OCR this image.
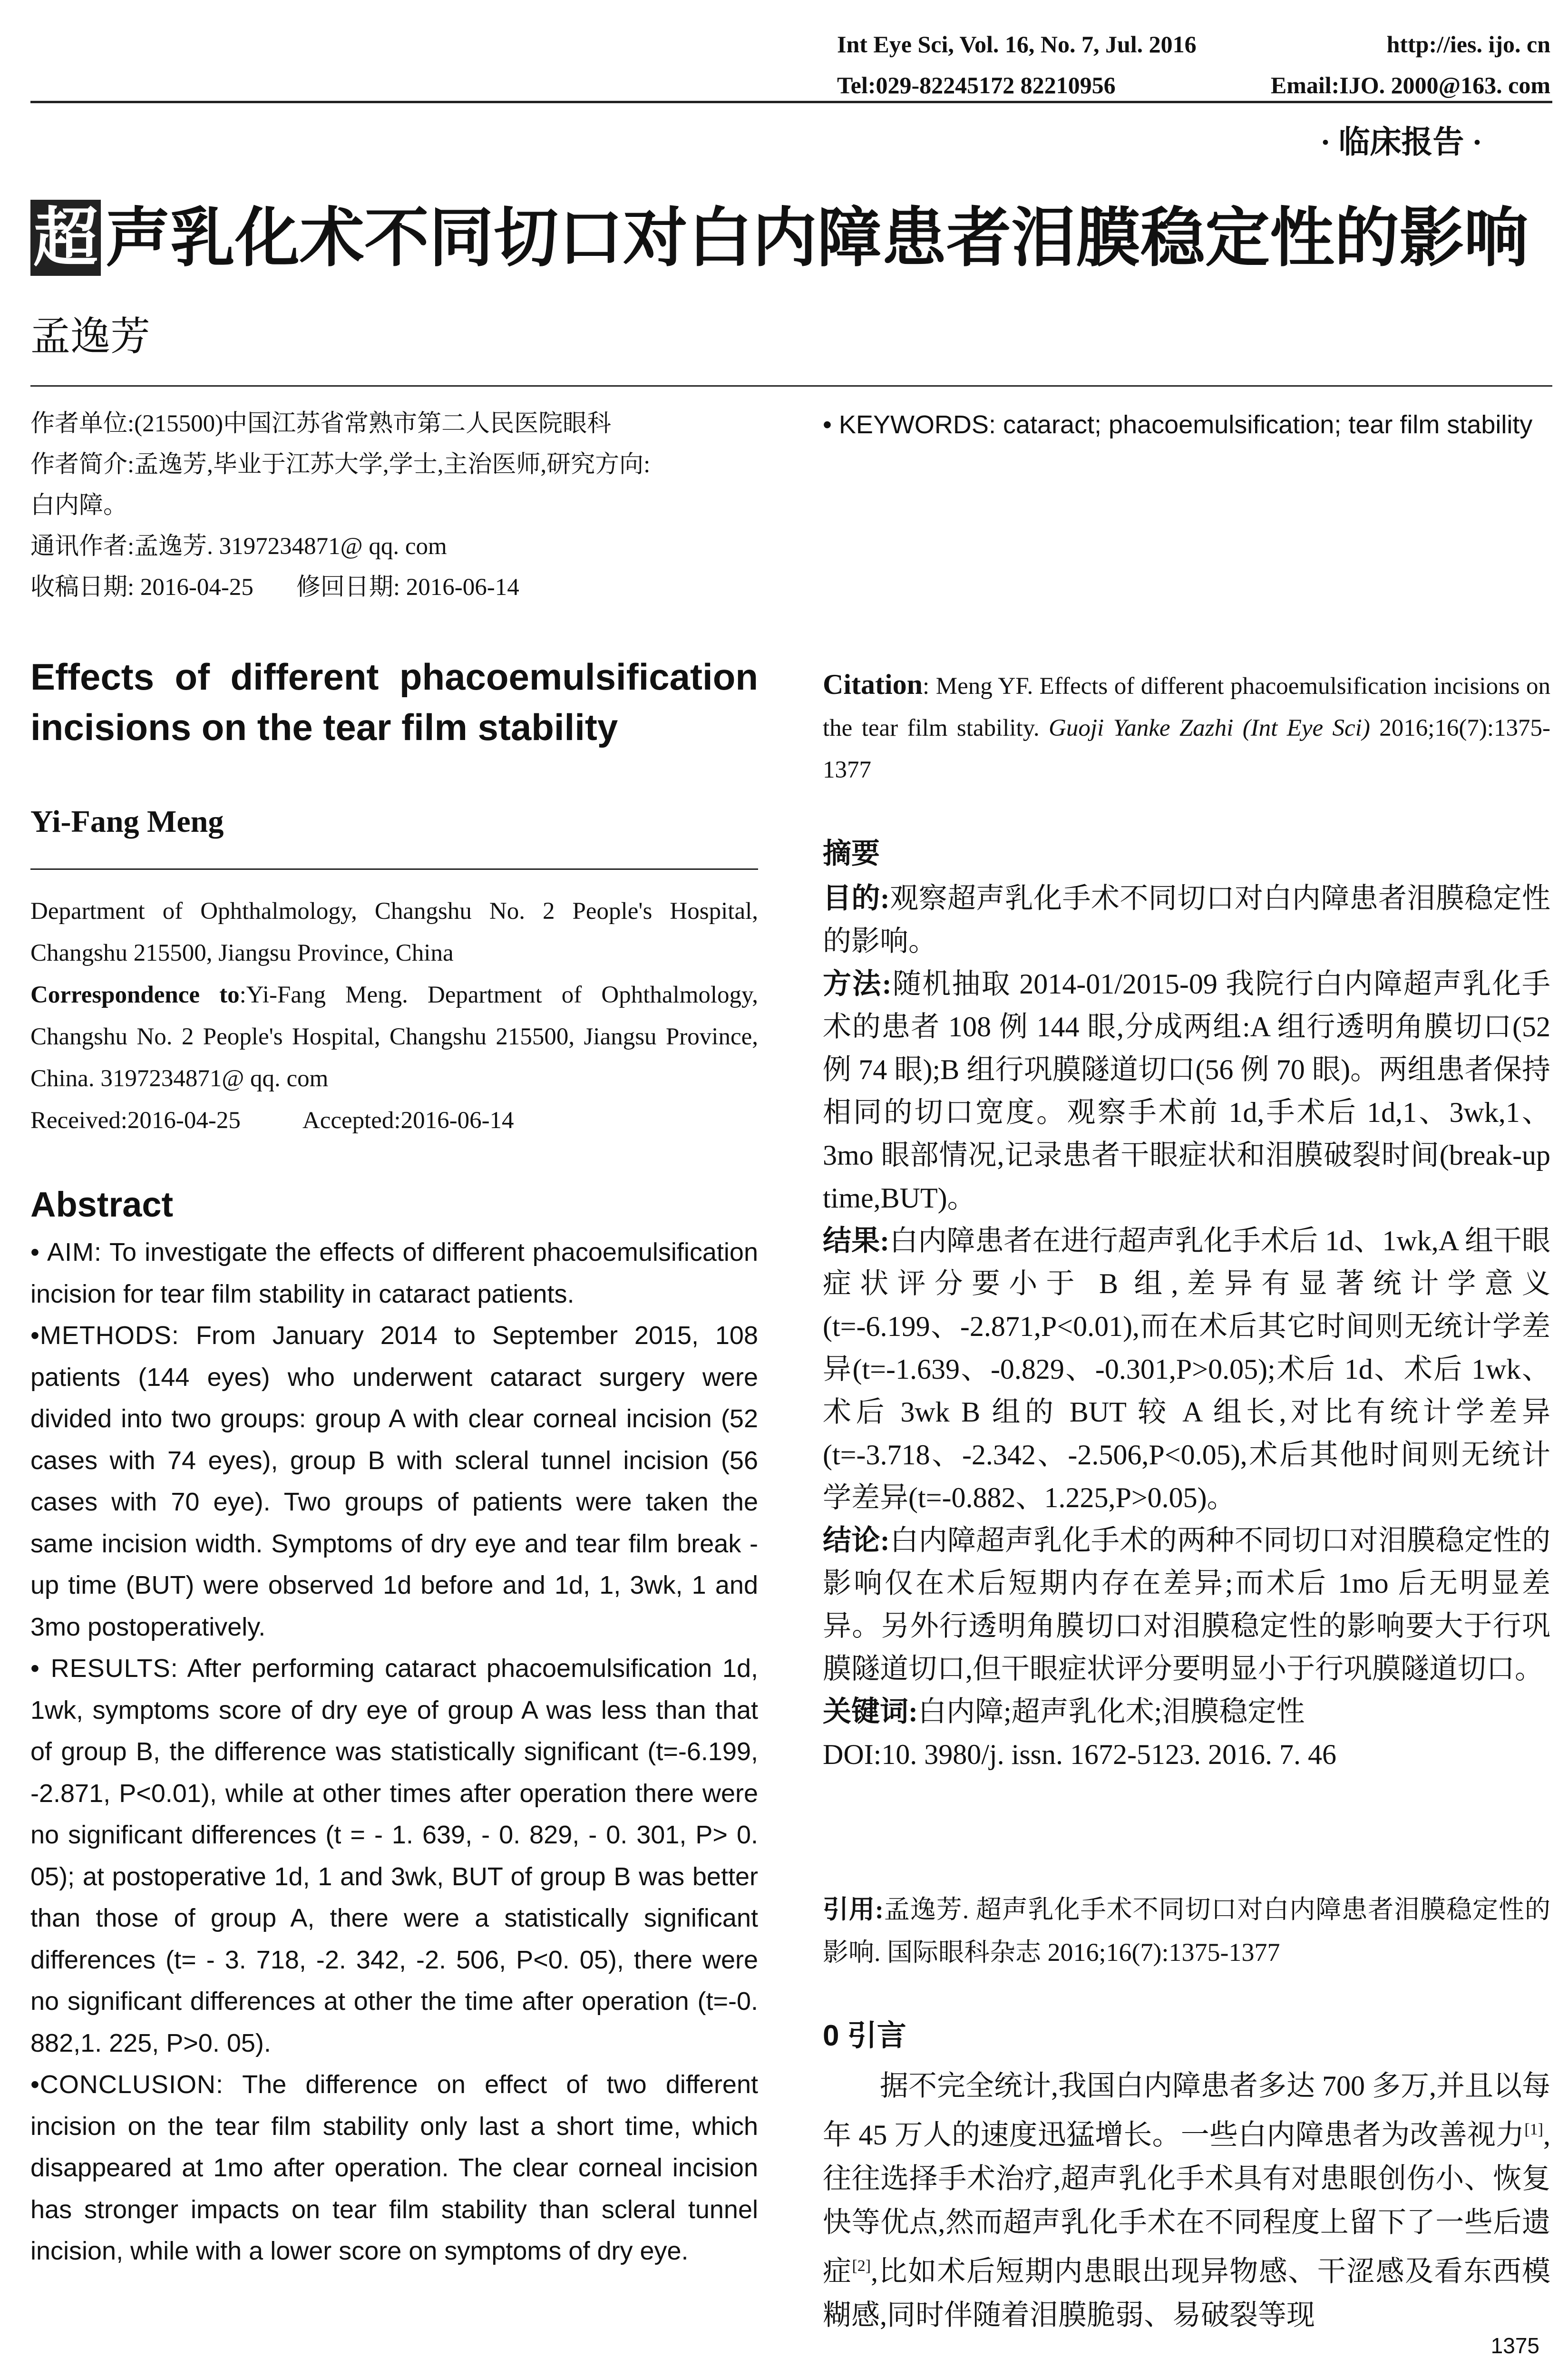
Int Eye Sci, Vol. 16, No. 7, Jul. 2016	http://ies. ijo. cn
Tel:029-82245172 82210956	Email:IJO. 2000@163. com
· 临床报告 ·
超 声乳化术不同切口对白内障患者泪膜稳定性的影响
孟逸芳
作者单位:(215500)中国江苏省常熟市第二人民医院眼科
作者简介:孟逸芳,毕业于江苏大学,学士,主治医师,研究方向:
白内障。
通讯作者:孟逸芳. 3197234871@ qq. com
收稿日期: 2016-04-25 修回日期: 2016-06-14
Effects of different phacoemulsification incisions on the tear film stability
Yi-Fang Meng
Department of Ophthalmology, Changshu No. 2 People's Hospital, Changshu 215500, Jiangsu Province, China
Correspondence to:Yi-Fang Meng. Department of Ophthalmology, Changshu No. 2 People's Hospital, Changshu 215500, Jiangsu Province, China. 3197234871@ qq. com
Received:2016-04-25	Accepted:2016-06-14
Abstract

• AIM: To investigate the effects of different phacoemulsification incision for tear film stability in cataract patients.

•METHODS: From January 2014 to September 2015, 108 patients (144 eyes) who underwent cataract surgery were divided into two groups: group A with clear corneal incision (52 cases with 74 eyes), group B with scleral tunnel incision (56 cases with 70 eye). Two groups of patients were taken the same incision width. Symptoms of dry eye and tear film break - up time (BUT) were observed 1d before and 1d, 1, 3wk, 1 and 3mo postoperatively.

• RESULTS: After performing cataract phacoemulsification 1d, 1wk, symptoms score of dry eye of group A was less than that of group B, the difference was statistically significant (t=-6.199, -2.871, P<0.01), while at other times after operation there were no significant differences (t = - 1. 639, - 0. 829, - 0. 301, P> 0. 05); at postoperative 1d, 1 and 3wk, BUT of group B was better than those of group A, there were a statistically significant differences (t= - 3. 718, -2. 342, -2. 506, P<0. 05), there were no significant differences at other the time after operation (t=-0. 882,1. 225, P>0. 05).

•CONCLUSION: The difference on effect of two different incision on the tear film stability only last a short time, which disappeared at 1mo after operation. The clear corneal incision has stronger impacts on tear film stability than scleral tunnel incision, while with a lower score on symptoms of dry eye.

• KEYWORDS: cataract; phacoemulsification; tear film stability

Citation: Meng YF. Effects of different phacoemulsification incisions on the tear film stability. Guoji Yanke Zazhi (Int Eye Sci) 2016;16(7):1375-1377

摘要

目的:观察超声乳化手术不同切口对白内障患者泪膜稳定性的影响。

方法:随机抽取 2014-01/2015-09 我院行白内障超声乳化手术的患者 108 例 144 眼,分成两组:A 组行透明角膜切口(52 例 74 眼);B 组行巩膜隧道切口(56 例 70 眼)。两组患者保持相同的切口宽度。观察手术前 1d,手术后 1d,1、3wk,1、3mo 眼部情况,记录患者干眼症状和泪膜破裂时间(break-up time,BUT)。

结果:白内障患者在进行超声乳化手术后 1d、1wk,A 组干眼症状评分要小于 B 组,差异有显著统计学意义(t=-6.199、-2.871,P<0.01),而在术后其它时间则无统计学差异(t=-1.639、-0.829、-0.301,P>0.05);术后 1d、术后 1wk、术后 3wk B 组的 BUT 较 A 组长,对比有统计学差异(t=-3.718、-2.342、-2.506,P<0.05),术后其他时间则无统计学差异(t=-0.882、1.225,P>0.05)。

结论:白内障超声乳化手术的两种不同切口对泪膜稳定性的影响仅在术后短期内存在差异;而术后 1mo 后无明显差异。另外行透明角膜切口对泪膜稳定性的影响要大于行巩膜隧道切口,但干眼症状评分要明显小于行巩膜隧道切口。

关键词:白内障;超声乳化术;泪膜稳定性

DOI:10. 3980/j. issn. 1672-5123. 2016. 7. 46

引用:孟逸芳. 超声乳化手术不同切口对白内障患者泪膜稳定性的影响. 国际眼科杂志 2016;16(7):1375-1377
0 引言
据不完全统计,我国白内障患者多达 700 多万,并且以每年 45 万人的速度迅猛增长。一些白内障患者为改善视力[1],往往选择手术治疗,超声乳化手术具有对患眼创伤小、恢复快等优点,然而超声乳化手术在不同程度上留下了一些后遗症[2],比如术后短期内患眼出现异物感、干涩感及看东西模糊感,同时伴随着泪膜脆弱、易破裂等现
1375
